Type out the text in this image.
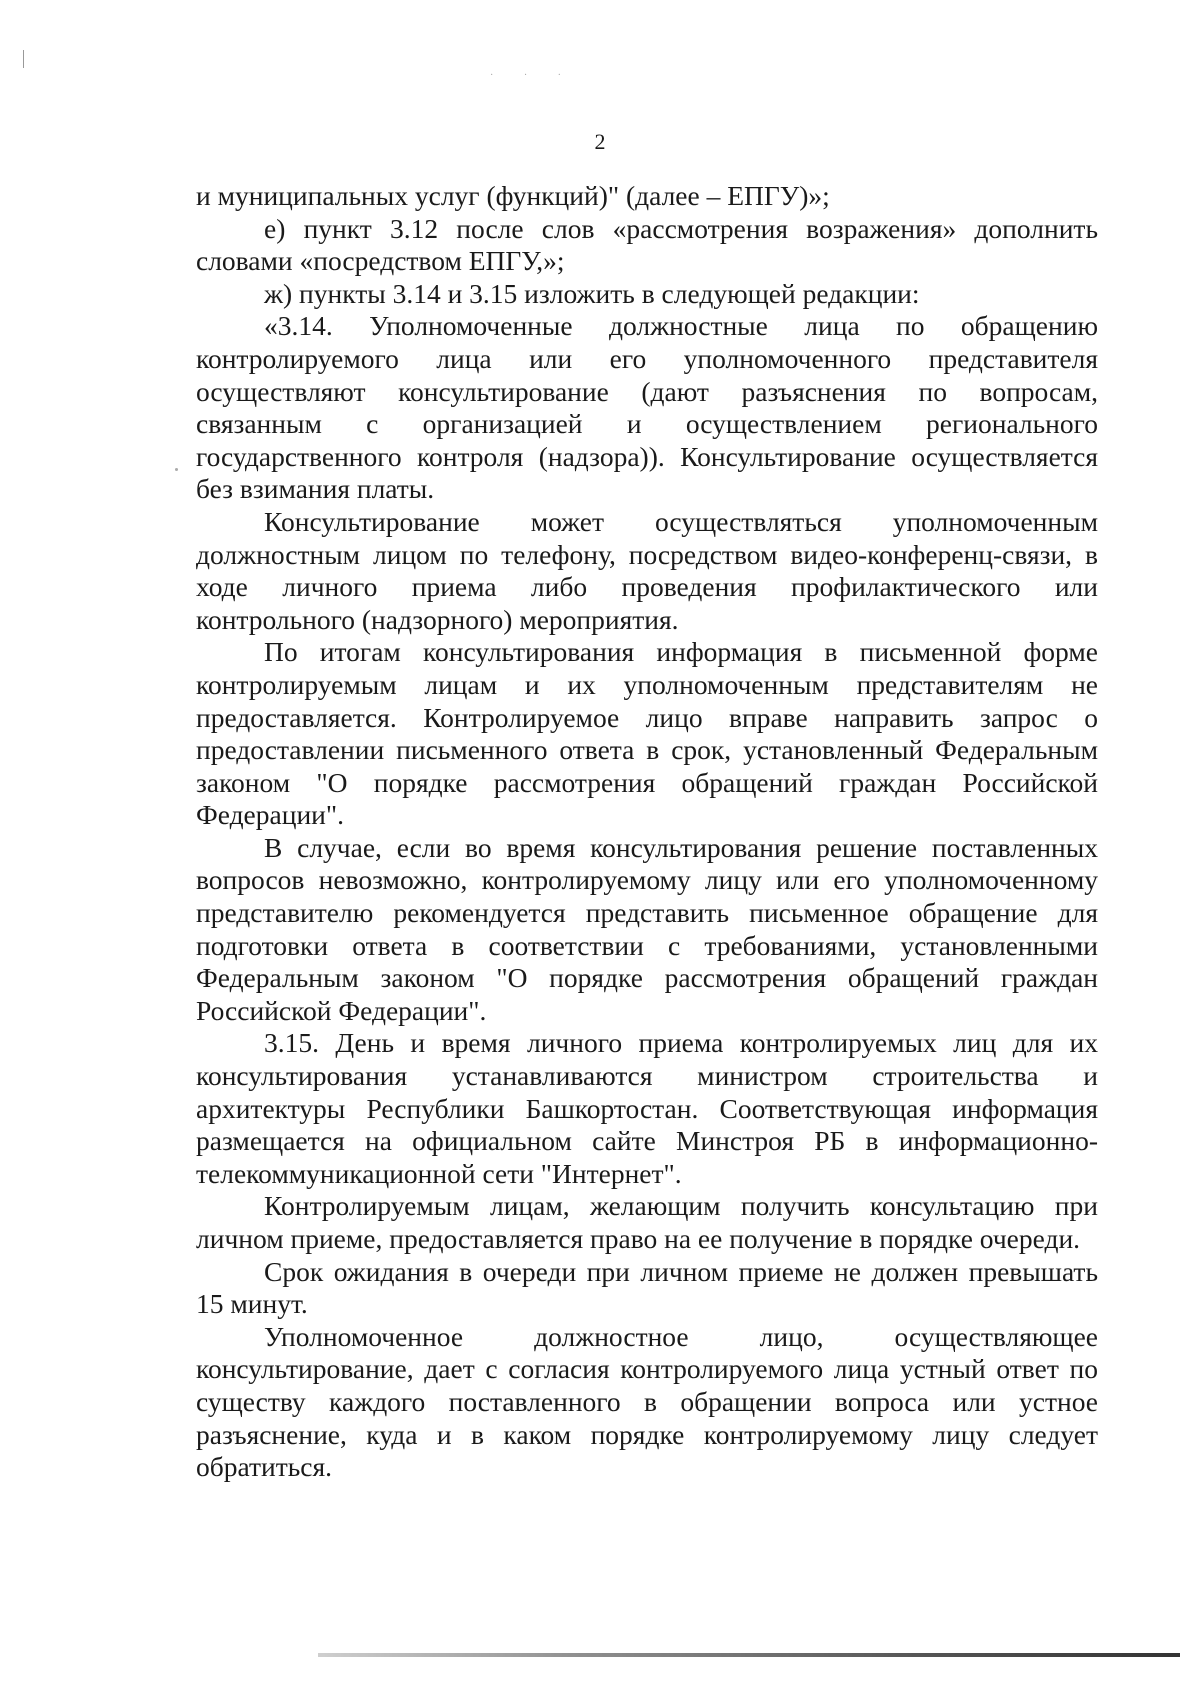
· · ·
2

и муниципальных услуг (функций)" (далее – ЕПГУ)»;

е) пункт 3.12 после слов «рассмотрения возражения» дополнить словами «посредством ЕПГУ,»;

ж) пункты 3.14 и 3.15 изложить в следующей редакции:

«3.14. Уполномоченные должностные лица по обращению контролируемого лица или его уполномоченного представителя осуществляют консультирование (дают разъяснения по вопросам, связанным с организацией и осуществлением регионального государственного контроля (надзора)). Консультирование осуществляется без взимания платы.

Консультирование может осуществляться уполномоченным должностным лицом по телефону, посредством видео-конференц-связи, в ходе личного приема либо проведения профилактического или контрольного (надзорного) мероприятия.

По итогам консультирования информация в письменной форме контролируемым лицам и их уполномоченным представителям не предоставляется. Контролируемое лицо вправе направить запрос о предоставлении письменного ответа в срок, установленный Федеральным законом "О порядке рассмотрения обращений граждан Российской Федерации".

В случае, если во время консультирования решение поставленных вопросов невозможно, контролируемому лицу или его уполномоченному представителю рекомендуется представить письменное обращение для подготовки ответа в соответствии с требованиями, установленными Федеральным законом "О порядке рассмотрения обращений граждан Российской Федерации".

3.15. День и время личного приема контролируемых лиц для их консультирования устанавливаются министром строительства и архитектуры Республики Башкортостан. Соответствующая информация размещается на официальном сайте Минстроя РБ в информационно-телекоммуникационной сети "Интернет".

Контролируемым лицам, желающим получить консультацию при личном приеме, предоставляется право на ее получение в порядке очереди.

Срок ожидания в очереди при личном приеме не должен превышать 15 минут.

Уполномоченное должностное лицо, осуществляющее консультирование, дает с согласия контролируемого лица устный ответ по существу каждого поставленного в обращении вопроса или устное разъяснение, куда и в каком порядке контролируемому лицу следует обратиться.
